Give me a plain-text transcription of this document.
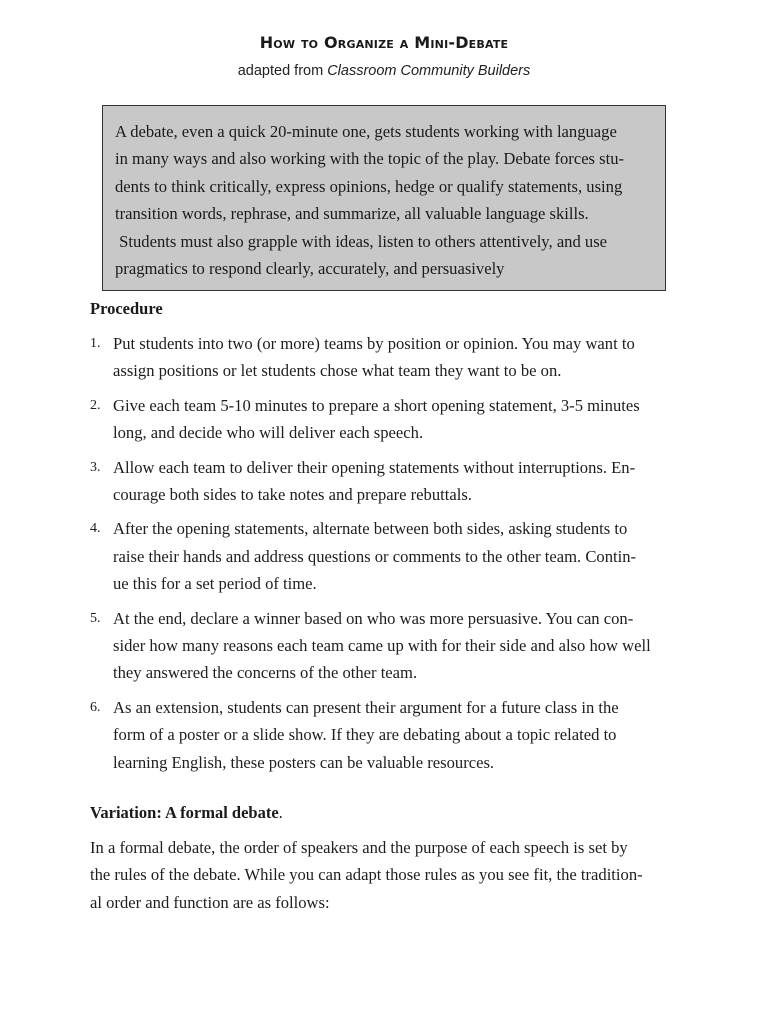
How to Organize a Mini-Debate
adapted from Classroom Community Builders
A debate, even a quick 20-minute one, gets students working with language
in many ways and also working with the topic of the play. Debate forces stu-
dents to think critically, express opinions, hedge or qualify statements, using
transition words, rephrase, and summarize, all valuable language skills.
Students must also grapple with ideas, listen to others attentively, and use
pragmatics to respond clearly, accurately, and persuasively
Procedure
1. Put students into two (or more) teams by position or opinion. You may want to
assign positions or let students chose what team they want to be on.
2. Give each team 5-10 minutes to prepare a short opening statement, 3-5 minutes
long, and decide who will deliver each speech.
3. Allow each team to deliver their opening statements without interruptions. En-
courage both sides to take notes and prepare rebuttals.
4. After the opening statements, alternate between both sides, asking students to
raise their hands and address questions or comments to the other team. Contin-
ue this for a set period of time.
5. At the end, declare a winner based on who was more persuasive. You can con-
sider how many reasons each team came up with for their side and also how well
they answered the concerns of the other team.
6. As an extension, students can present their argument for a future class in the
form of a poster or a slide show. If they are debating about a topic related to
learning English, these posters can be valuable resources.
Variation: A formal debate.
In a formal debate, the order of speakers and the purpose of each speech is set by
the rules of the debate. While you can adapt those rules as you see fit, the tradition-
al order and function are as follows:
